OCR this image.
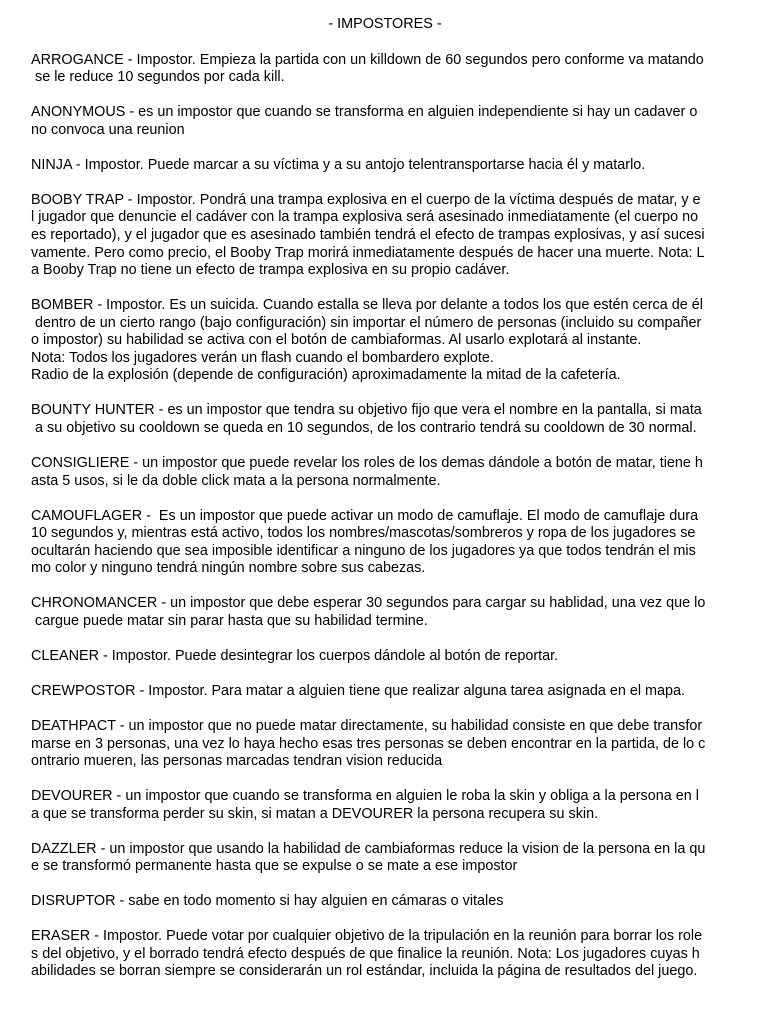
- IMPOSTORES -
ARROGANCE - Impostor. Empieza la partida con un killdown de 60 segundos pero conforme va matando
se le reduce 10 segundos por cada kill.
ANONYMOUS - es un impostor que cuando se transforma en alguien independiente si hay un cadaver o
no convoca una reunion
NINJA - Impostor. Puede marcar a su víctima y a su antojo telentransportarse hacia él y matarlo.
BOOBY TRAP - Impostor. Pondrá una trampa explosiva en el cuerpo de la víctima después de matar, y e
l jugador que denuncie el cadáver con la trampa explosiva será asesinado inmediatamente (el cuerpo no
es reportado), y el jugador que es asesinado también tendrá el efecto de trampas explosivas, y así sucesi
vamente. Pero como precio, el Booby Trap morirá inmediatamente después de hacer una muerte. Nota: L
a Booby Trap no tiene un efecto de trampa explosiva en su propio cadáver.
BOMBER - Impostor. Es un suicida. Cuando estalla se lleva por delante a todos los que estén cerca de él
dentro de un cierto rango (bajo configuración) sin importar el número de personas (incluido su compañer
o impostor) su habilidad se activa con el botón de cambiaformas. Al usarlo explotará al instante.
Nota: Todos los jugadores verán un flash cuando el bombardero explote.
Radio de la explosión (depende de configuración) aproximadamente la mitad de la cafetería.
BOUNTY HUNTER - es un impostor que tendra su objetivo fijo que vera el nombre en la pantalla, si mata
a su objetivo su cooldown se queda en 10 segundos, de los contrario tendrá su cooldown de 30 normal.
CONSIGLIERE - un impostor que puede revelar los roles de los demas dándole a botón de matar, tiene h
asta 5 usos, si le da doble click mata a la persona normalmente.
CAMOUFLAGER -  Es un impostor que puede activar un modo de camuflaje. El modo de camuflaje dura
10 segundos y, mientras está activo, todos los nombres/mascotas/sombreros y ropa de los jugadores se
ocultarán haciendo que sea imposible identificar a ninguno de los jugadores ya que todos tendrán el mis
mo color y ninguno tendrá ningún nombre sobre sus cabezas.
CHRONOMANCER - un impostor que debe esperar 30 segundos para cargar su hablidad, una vez que lo
cargue puede matar sin parar hasta que su habilidad termine.
CLEANER - Impostor. Puede desintegrar los cuerpos dándole al botón de reportar.
CREWPOSTOR - Impostor. Para matar a alguien tiene que realizar alguna tarea asignada en el mapa.
DEATHPACT - un impostor que no puede matar directamente, su habilidad consiste en que debe transfor
marse en 3 personas, una vez lo haya hecho esas tres personas se deben encontrar en la partida, de lo c
ontrario mueren, las personas marcadas tendran vision reducida
DEVOURER - un impostor que cuando se transforma en alguien le roba la skin y obliga a la persona en l
a que se transforma perder su skin, si matan a DEVOURER la persona recupera su skin.
DAZZLER - un impostor que usando la habilidad de cambiaformas reduce la vision de la persona en la qu
e se transformó permanente hasta que se expulse o se mate a ese impostor
DISRUPTOR - sabe en todo momento si hay alguien en cámaras o vitales
ERASER - Impostor. Puede votar por cualquier objetivo de la tripulación en la reunión para borrar los role
s del objetivo, y el borrado tendrá efecto después de que finalice la reunión. Nota: Los jugadores cuyas h
abilidades se borran siempre se considerarán un rol estándar, incluida la página de resultados del juego.
